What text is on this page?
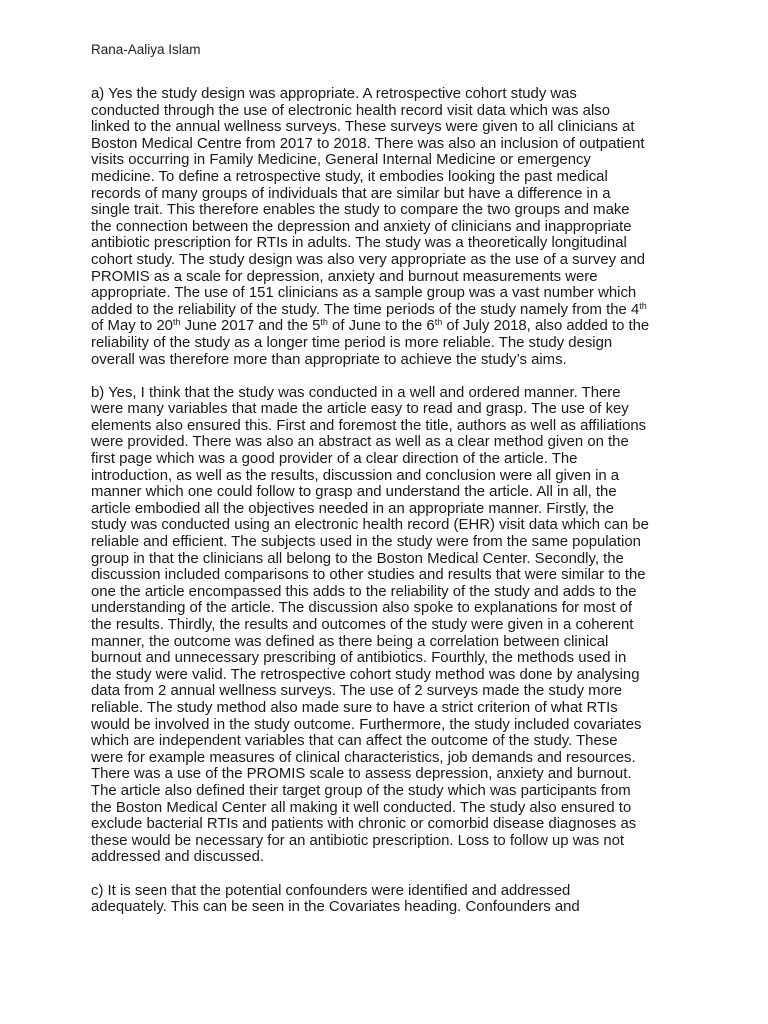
Rana-Aaliya Islam
a) Yes the study design was appropriate. A retrospective cohort study was
conducted through the use of electronic health record visit data which was also
linked to the annual wellness surveys. These surveys were given to all clinicians at
Boston Medical Centre from 2017 to 2018. There was also an inclusion of outpatient
visits occurring in Family Medicine, General Internal Medicine or emergency
medicine. To define a retrospective study, it embodies looking the past medical
records of many groups of individuals that are similar but have a difference in a
single trait. This therefore enables the study to compare the two groups and make
the connection between the depression and anxiety of clinicians and inappropriate
antibiotic prescription for RTIs in adults. The study was a theoretically longitudinal
cohort study. The study design was also very appropriate as the use of a survey and
PROMIS as a scale for depression, anxiety and burnout measurements were
appropriate. The use of 151 clinicians as a sample group was a vast number which
added to the reliability of the study. The time periods of the study namely from the 4th
of May to 20th June 2017 and the 5th of June to the 6th of July 2018, also added to the
reliability of the study as a longer time period is more reliable. The study design
overall was therefore more than appropriate to achieve the study’s aims.
b) Yes, I think that the study was conducted in a well and ordered manner. There
were many variables that made the article easy to read and grasp. The use of key
elements also ensured this. First and foremost the title, authors as well as affiliations
were provided. There was also an abstract as well as a clear method given on the
first page which was a good provider of a clear direction of the article. The
introduction, as well as the results, discussion and conclusion were all given in a
manner which one could follow to grasp and understand the article. All in all, the
article embodied all the objectives needed in an appropriate manner. Firstly, the
study was conducted using an electronic health record (EHR) visit data which can be
reliable and efficient. The subjects used in the study were from the same population
group in that the clinicians all belong to the Boston Medical Center. Secondly, the
discussion included comparisons to other studies and results that were similar to the
one the article encompassed this adds to the reliability of the study and adds to the
understanding of the article. The discussion also spoke to explanations for most of
the results. Thirdly, the results and outcomes of the study were given in a coherent
manner, the outcome was defined as there being a correlation between clinical
burnout and unnecessary prescribing of antibiotics. Fourthly, the methods used in
the study were valid. The retrospective cohort study method was done by analysing
data from 2 annual wellness surveys. The use of 2 surveys made the study more
reliable. The study method also made sure to have a strict criterion of what RTIs
would be involved in the study outcome. Furthermore, the study included covariates
which are independent variables that can affect the outcome of the study. These
were for example measures of clinical characteristics, job demands and resources.
There was a use of the PROMIS scale to assess depression, anxiety and burnout.
The article also defined their target group of the study which was participants from
the Boston Medical Center all making it well conducted. The study also ensured to
exclude bacterial RTIs and patients with chronic or comorbid disease diagnoses as
these would be necessary for an antibiotic prescription. Loss to follow up was not
addressed and discussed.
c) It is seen that the potential confounders were identified and addressed
adequately. This can be seen in the Covariates heading. Confounders and
